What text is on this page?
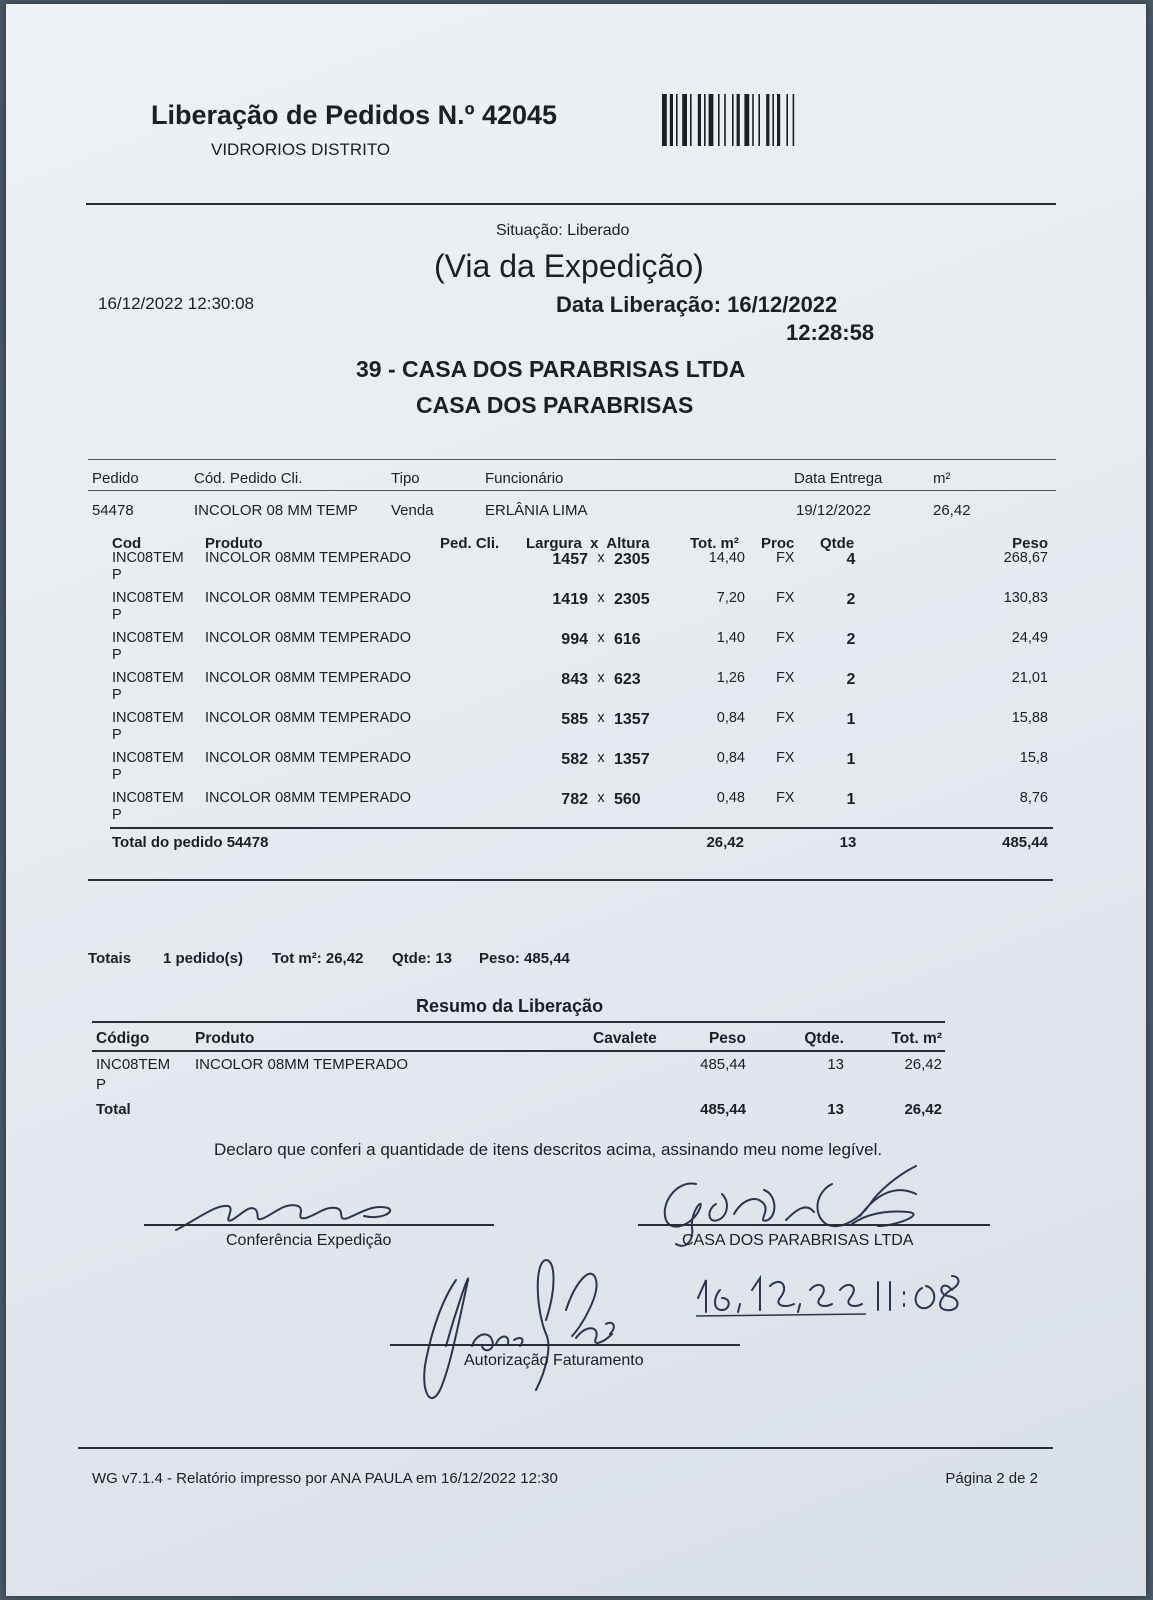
Liberação de Pedidos N.º 42045
VIDRORIOS DISTRITO
Situação: Liberado
(Via da Expedição)
16/12/2022 12:30:08	Data Liberação: 16/12/2022
12:28:58
39 - CASA DOS PARABRISAS LTDA
CASA DOS PARABRISAS
Pedido	Cód. Pedido Cli.	Tipo	Funcionário	Data Entrega	m²
54478	INCOLOR 08 MM TEMP Venda	ERLÂNIA LIMA	19/12/2022	26,42
Cod	Produto	Ped. Cli. Largura  x  Altura	Tot. m² Proc Qtde	Peso
INC08TEM INCOLOR 08MM TEMPERADO	1457 x 2305	14,40 FX	4	268,67
P
INC08TEM INCOLOR 08MM TEMPERADO	1419 x 2305	7,20 FX	2	130,83
P
INC08TEM INCOLOR 08MM TEMPERADO	994 x 616	1,40 FX	2	24,49
P
INC08TEM INCOLOR 08MM TEMPERADO	843 x 623	1,26 FX	2	21,01
P
INC08TEM INCOLOR 08MM TEMPERADO	585 x 1357	0,84 FX	1	15,88
P
INC08TEM INCOLOR 08MM TEMPERADO	582 x 1357	0,84 FX	1	15,8
P
INC08TEM INCOLOR 08MM TEMPERADO	782 x 560	0,48 FX	1	8,76
P
Total do pedido 54478	26,42	13	485,44
Totais 1 pedido(s) Tot m²: 26,42 Qtde: 13 Peso: 485,44
Resumo da Liberação
Código	Produto	Cavalete	Peso	Qtde.	Tot. m²
INC08TEM
P
INCOLOR 08MM TEMPERADO	485,44	13	26,42
Total	485,44	13	26,42
Declaro que conferi a quantidade de itens descritos acima, assinando meu nome legível.
Conferência Expedição	CASA DOS PARABRISAS LTDA
Autorização Faturamento
WG v7.1.4 - Relatório impresso por ANA PAULA em 16/12/2022 12:30	Página 2 de 2
